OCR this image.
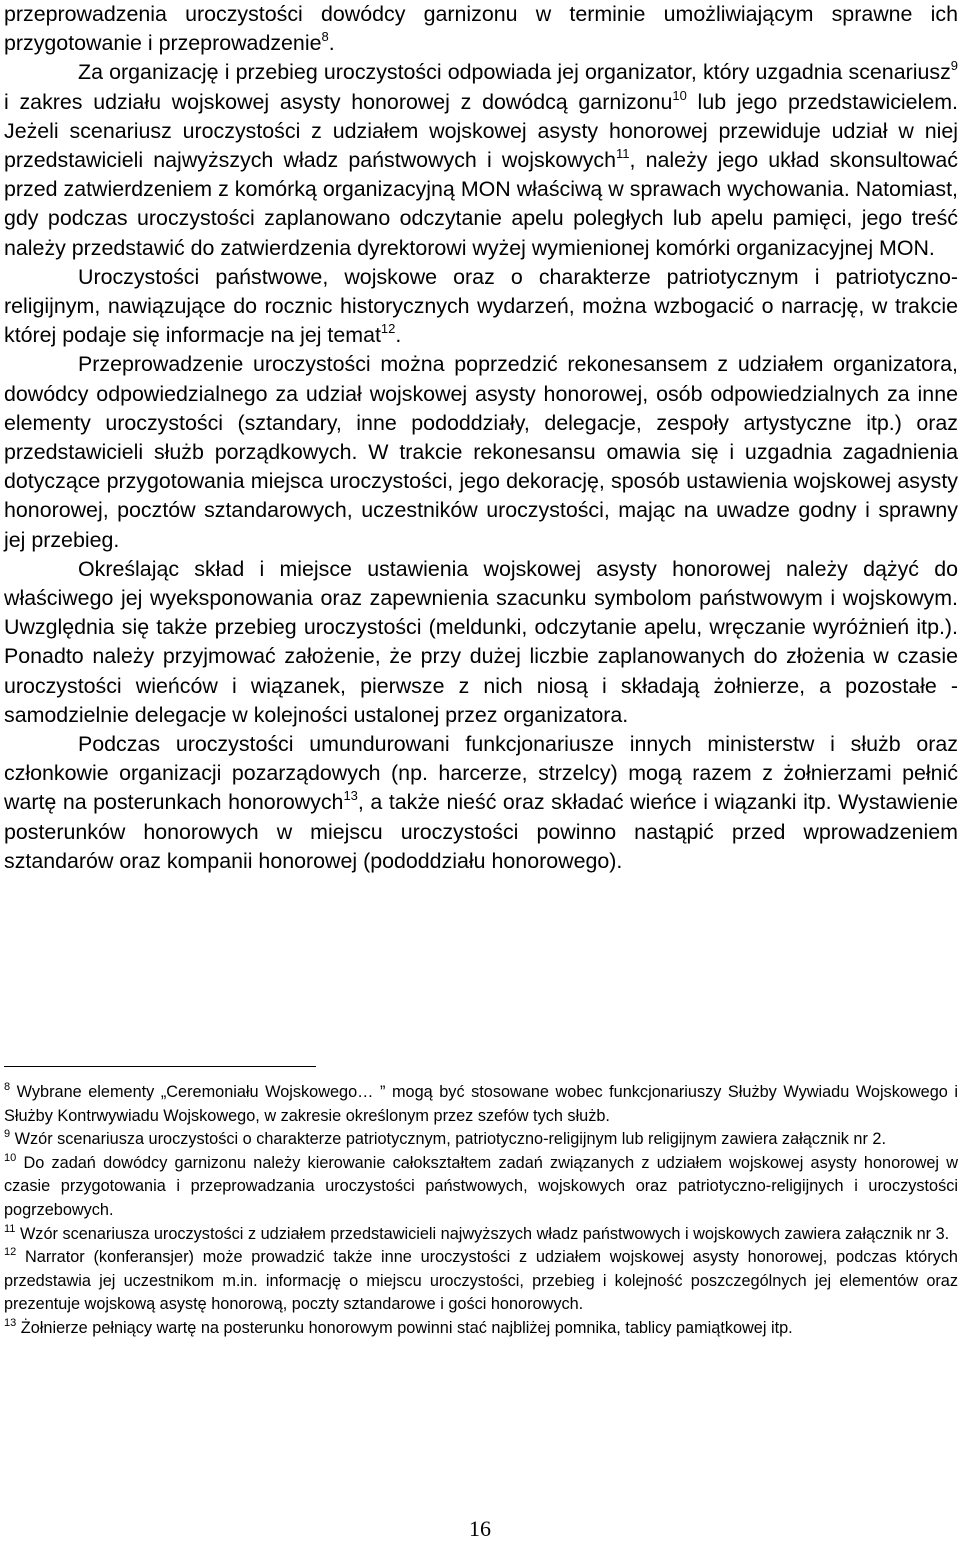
przeprowadzenia uroczystości dowódcy garnizonu w terminie umożliwiającym sprawne ich przygotowanie i przeprowadzenie$^8$.

Za organizację i przebieg uroczystości odpowiada jej organizator, który uzgadnia scenariusz$^9$ i zakres udziału wojskowej asysty honorowej z dowódcą garnizonu$^{10}$ lub jego przedstawicielem. Jeżeli scenariusz uroczystości z udziałem wojskowej asysty honorowej przewiduje udział w niej przedstawicieli najwyższych władz państwowych i wojskowych$^{11}$, należy jego układ skonsultować przed zatwierdzeniem z komórką organizacyjną MON właściwą w sprawach wychowania. Natomiast, gdy podczas uroczystości zaplanowano odczytanie apelu poległych lub apelu pamięci, jego treść należy przedstawić do zatwierdzenia dyrektorowi wyżej wymienionej komórki organizacyjnej MON.

Uroczystości państwowe, wojskowe oraz o charakterze patriotycznym i patriotyczno-religijnym, nawiązujące do rocznic historycznych wydarzeń, można wzbogacić o narrację, w trakcie której podaje się informacje na jej temat$^{12}$.

Przeprowadzenie uroczystości można poprzedzić rekonesansem z udziałem organizatora, dowódcy odpowiedzialnego za udział wojskowej asysty honorowej, osób odpowiedzialnych za inne elementy uroczystości (sztandary, inne pododdziały, delegacje, zespoły artystyczne itp.) oraz przedstawicieli służb porządkowych. W trakcie rekonesansu omawia się i uzgadnia zagadnienia dotyczące przygotowania miejsca uroczystości, jego dekorację, sposób ustawienia wojskowej asysty honorowej, pocztów sztandarowych, uczestników uroczystości, mając na uwadze godny i sprawny jej przebieg.

Określając skład i miejsce ustawienia wojskowej asysty honorowej należy dążyć do właściwego jej wyeksponowania oraz zapewnienia szacunku symbolom państwowym i wojskowym. Uwzględnia się także przebieg uroczystości (meldunki, odczytanie apelu, wręczanie wyróżnień itp.). Ponadto należy przyjmować założenie, że przy dużej liczbie zaplanowanych do złożenia w czasie uroczystości wieńców i wiązanek, pierwsze z nich niosą i składają żołnierze, a pozostałe - samodzielnie delegacje w kolejności ustalonej przez organizatora.

Podczas uroczystości umundurowani funkcjonariusze innych ministerstw i służb oraz członkowie organizacji pozarządowych (np. harcerze, strzelcy) mogą razem z żołnierzami pełnić wartę na posterunkach honorowych$^{13}$, a także nieść oraz składać wieńce i wiązanki itp. Wystawienie posterunków honorowych w miejscu uroczystości powinno nastąpić przed wprowadzeniem sztandarów oraz kompanii honorowej (pododdziału honorowego).

$^8$ Wybrane elementy „Ceremoniału Wojskowego… ” mogą być stosowane wobec funkcjonariuszy Służby Wywiadu Wojskowego i Służby Kontrwywiadu Wojskowego, w zakresie określonym przez szefów tych służb.

$^9$ Wzór scenariusza uroczystości o charakterze patriotycznym, patriotyczno-religijnym lub religijnym zawiera załącznik nr 2.

$^{10}$ Do zadań dowódcy garnizonu należy kierowanie całokształtem zadań związanych z udziałem wojskowej asysty honorowej w czasie przygotowania i przeprowadzania uroczystości państwowych, wojskowych oraz patriotyczno-religijnych i uroczystości pogrzebowych.

$^{11}$ Wzór scenariusza uroczystości z udziałem przedstawicieli najwyższych władz państwowych i wojskowych zawiera załącznik nr 3.

$^{12}$ Narrator (konferansjer) może prowadzić także inne uroczystości z udziałem wojskowej asysty honorowej, podczas których przedstawia jej uczestnikom m.in. informację o miejscu uroczystości, przebieg i kolejność poszczególnych jej elementów oraz prezentuje wojskową asystę honorową, poczty sztandarowe i gości honorowych.

$^{13}$ Żołnierze pełniący wartę na posterunku honorowym powinni stać najbliżej pomnika, tablicy pamiątkowej itp.

16
